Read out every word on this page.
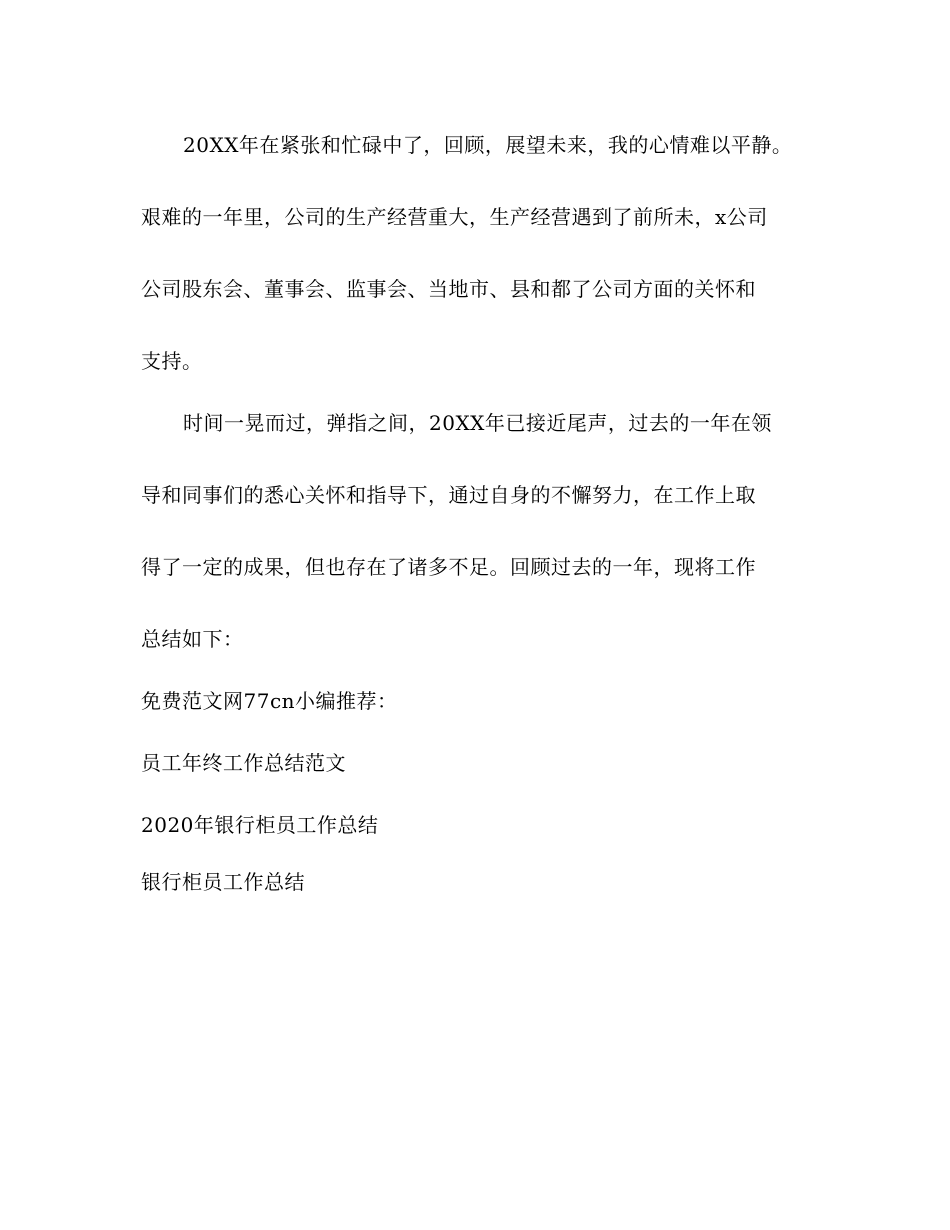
20XX年在紧张和忙碌中了，回顾，展望未来，我的心情难以平静。
艰难的一年里，公司的生产经营重大，生产经营遇到了前所未，x公司
公司股东会、董事会、监事会、当地市、县和都了公司方面的关怀和
支持。
时间一晃而过，弹指之间，20XX年已接近尾声，过去的一年在领
导和同事们的悉心关怀和指导下，通过自身的不懈努力，在工作上取
得了一定的成果，但也存在了诸多不足。回顾过去的一年，现将工作
总结如下：
免费范文网77cn小编推荐：
员工年终工作总结范文
2020年银行柜员工作总结
银行柜员工作总结
